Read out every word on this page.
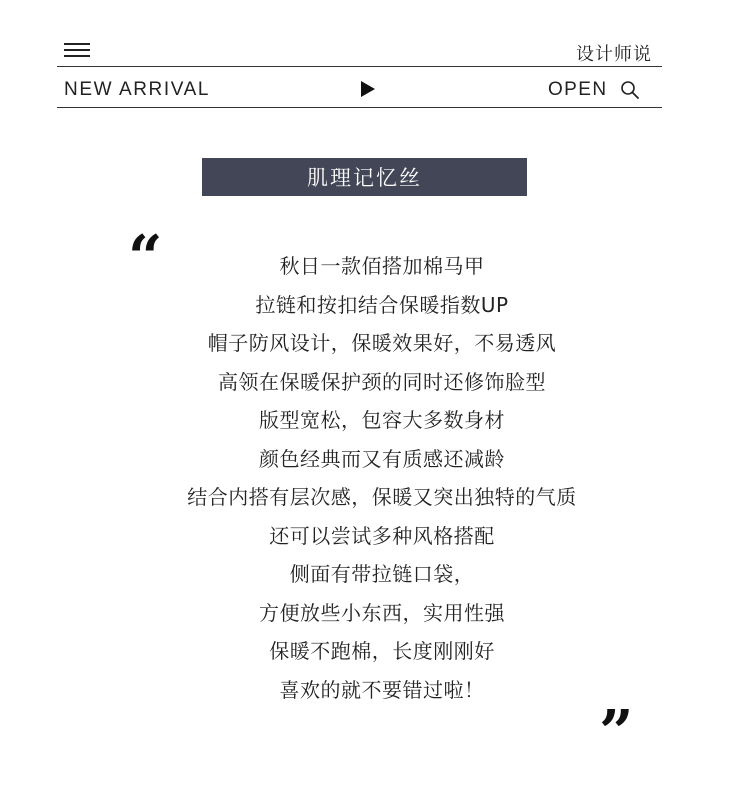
设计师说
NEW ARRIVAL	OPEN
肌理记忆丝
“	秋日一款佰搭加棉马甲
拉链和按扣结合保暖指数UP
帽子防风设计，保暖效果好，不易透风
高领在保暖保护颈的同时还修饰脸型
版型宽松，包容大多数身材
颜色经典而又有质感还减龄
结合内搭有层次感，保暖又突出独特的气质
还可以尝试多种风格搭配
侧面有带拉链口袋，
方便放些小东西，实用性强
保暖不跑棉，长度刚刚好
喜欢的就不要错过啦！
”
